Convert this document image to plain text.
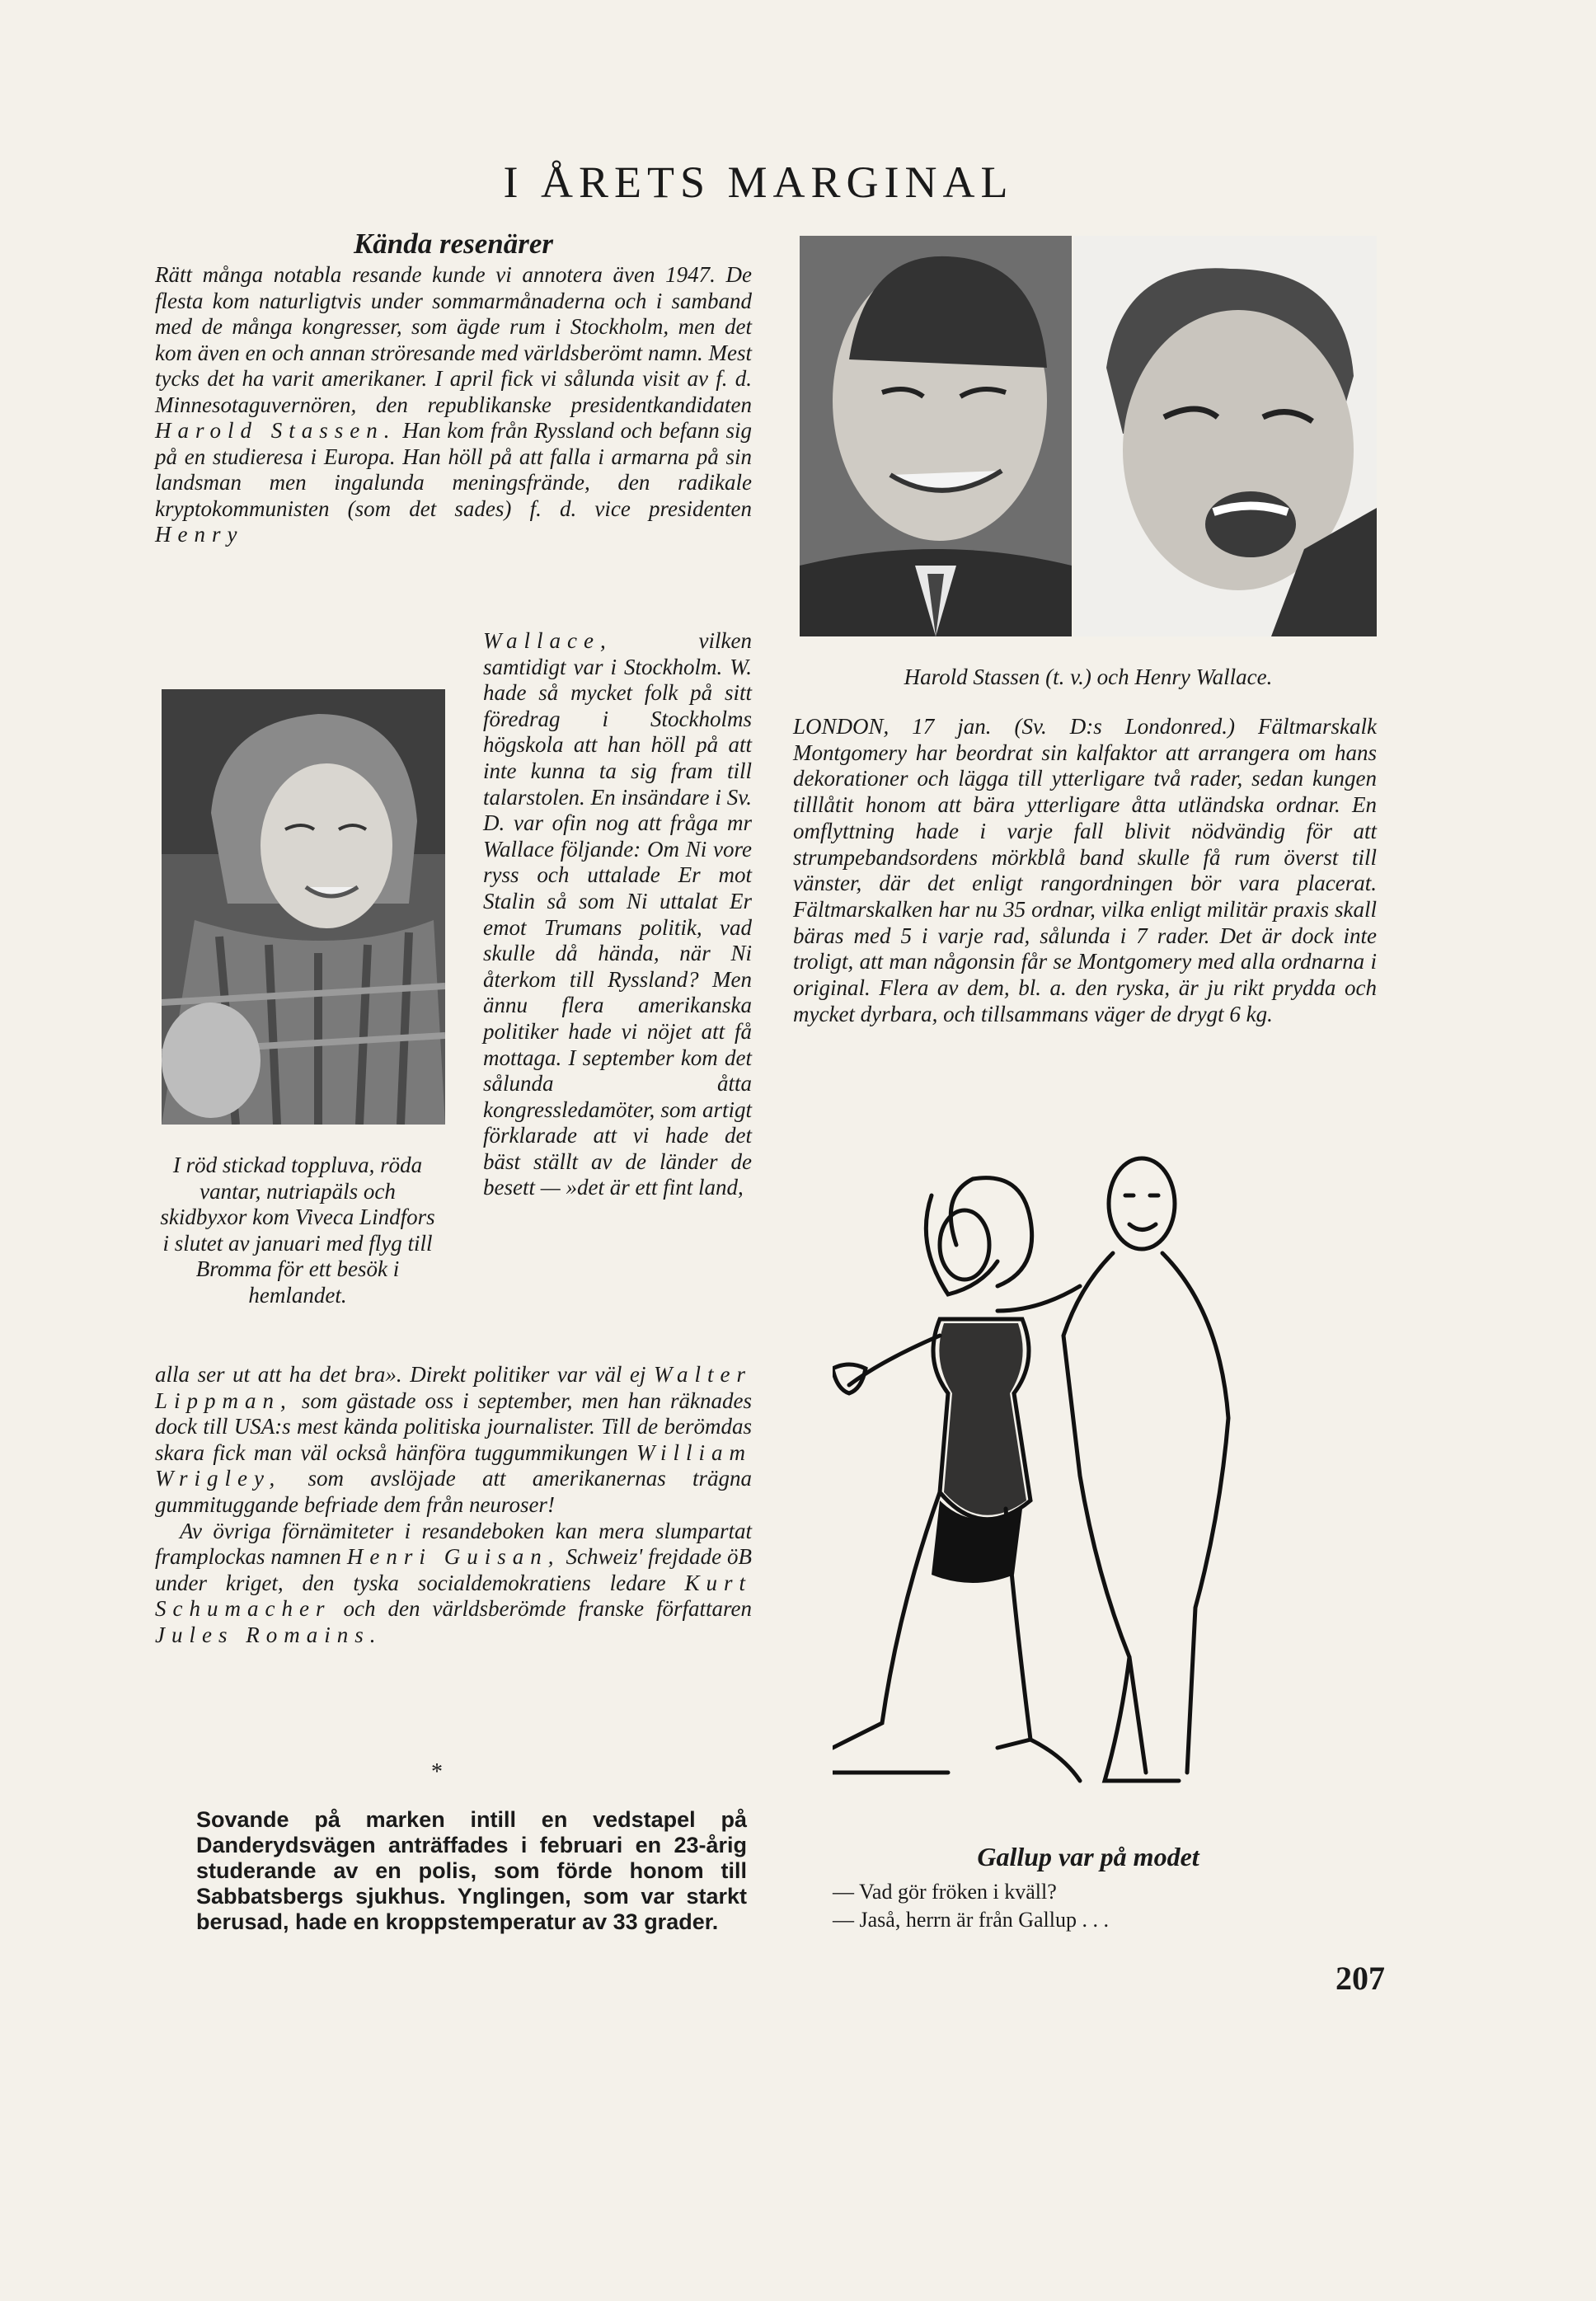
I ÅRETS MARGINAL
Kända resenärer
Rätt många notabla resande kunde vi annotera även 1947. De flesta kom naturligtvis under sommarmånaderna och i samband med de många kongresser, som ägde rum i Stockholm, men det kom även en och annan ströresande med världsberömt namn. Mest tycks det ha varit amerikaner. I april fick vi sålunda visit av f. d. Minnesotaguvernören, den republikanske presidentkandidaten Harold Stassen. Han kom från Ryssland och befann sig på en studieresa i Europa. Han höll på att falla i armarna på sin landsman men ingalunda meningsfrände, den radikale kryptokommunisten (som det sades) f. d. vice presidenten Henry
Wallace,	vilken samtidigt var i Stockholm. W. hade så mycket folk på sitt föredrag i Stockholms högskola att han höll på att inte kunna ta sig fram till talarstolen. En insändare i Sv. D. var ofin nog att fråga mr Wallace följande: Om Ni vore ryss och uttalade Er mot Stalin så som Ni uttalat Er emot Trumans politik, vad skulle då hända, när Ni återkom till Ryssland? Men ännu flera amerikanska politiker hade vi nöjet att få mottaga. I september kom det sålunda åtta kongressledamöter, som artigt förklarade att vi hade det bäst ställt av de länder de besett — »det är ett fint land,
I röd stickad toppluva, röda vantar, nutriapäls och skidbyxor kom Viveca Lindfors i slutet av januari med flyg till Bromma för ett besök i hemlandet.
alla ser ut att ha det bra». Direkt politiker var väl ej Walter Lippman, som gästade oss i september, men han räknades dock till USA:s mest kända politiska journalister. Till de berömdas skara fick man väl också hänföra tuggummikungen William Wrigley, som avslöjade att amerikanernas trägna gummituggande befriade dem från neuroser!
Av övriga förnämiteter i resandeboken kan mera slumpartat framplockas namnen Henri Guisan, Schweiz' frejdade öB under kriget, den tyska socialdemokratiens ledare Kurt Schumacher och den världsberömde franske författaren Jules Romains.
*
Sovande på marken intill en vedstapel på Danderydsvägen anträffades i februari en 23-årig studerande av en polis, som förde honom till Sabbatsbergs sjukhus. Ynglingen, som var starkt berusad, hade en kroppstemperatur av 33 grader.
Harold Stassen (t. v.) och Henry Wallace.
LONDON, 17 jan. (Sv. D:s Londonred.) Fältmarskalk Montgomery har beordrat sin kalfaktor att arrangera om hans dekorationer och lägga till ytterligare två rader, sedan kungen tilllåtit honom att bära ytterligare åtta utländska ordnar. En omflyttning hade i varje fall blivit nödvändig för att strumpebandsordens mörkblå band skulle få rum överst till vänster, där det enligt rangordningen bör vara placerat. Fältmarskalken har nu 35 ordnar, vilka enligt militär praxis skall bäras med 5 i varje rad, sålunda i 7 rader. Det är dock inte troligt, att man någonsin får se Montgomery med alla ordnarna i original. Flera av dem, bl. a. den ryska, är ju rikt prydda och mycket dyrbara, och tillsammans väger de drygt 6 kg.
Gallup var på modet
— Vad gör fröken i kväll?
— Jaså, herrn är från Gallup . . .
207
